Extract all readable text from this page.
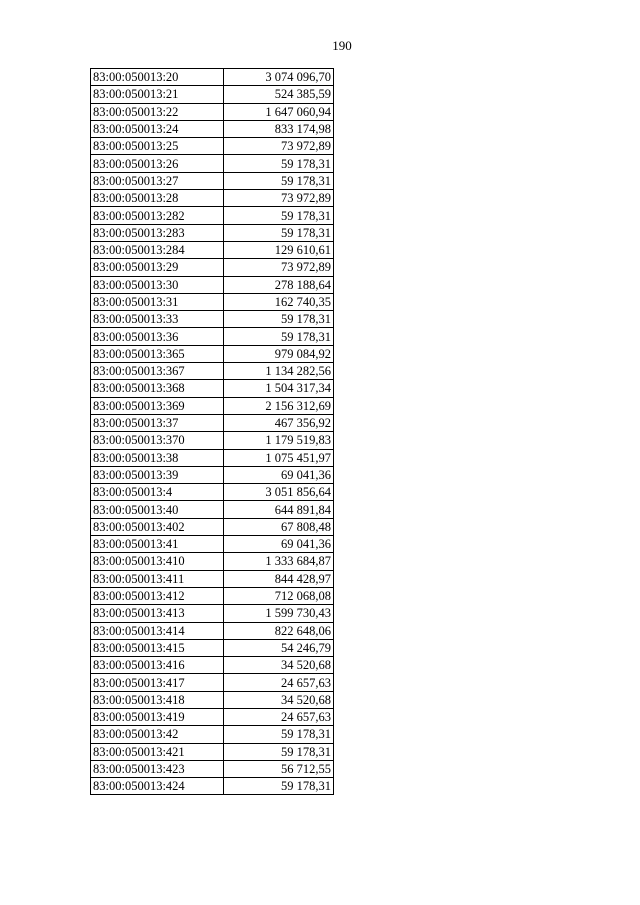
190
83:00:050013:20	3 074 096,70
83:00:050013:21	524 385,59
83:00:050013:22	1 647 060,94
83:00:050013:24	833 174,98
83:00:050013:25	73 972,89
83:00:050013:26	59 178,31
83:00:050013:27	59 178,31
83:00:050013:28	73 972,89
83:00:050013:282	59 178,31
83:00:050013:283	59 178,31
83:00:050013:284	129 610,61
83:00:050013:29	73 972,89
83:00:050013:30	278 188,64
83:00:050013:31	162 740,35
83:00:050013:33	59 178,31
83:00:050013:36	59 178,31
83:00:050013:365	979 084,92
83:00:050013:367	1 134 282,56
83:00:050013:368	1 504 317,34
83:00:050013:369	2 156 312,69
83:00:050013:37	467 356,92
83:00:050013:370	1 179 519,83
83:00:050013:38	1 075 451,97
83:00:050013:39	69 041,36
83:00:050013:4	3 051 856,64
83:00:050013:40	644 891,84
83:00:050013:402	67 808,48
83:00:050013:41	69 041,36
83:00:050013:410	1 333 684,87
83:00:050013:411	844 428,97
83:00:050013:412	712 068,08
83:00:050013:413	1 599 730,43
83:00:050013:414	822 648,06
83:00:050013:415	54 246,79
83:00:050013:416	34 520,68
83:00:050013:417	24 657,63
83:00:050013:418	34 520,68
83:00:050013:419	24 657,63
83:00:050013:42	59 178,31
83:00:050013:421	59 178,31
83:00:050013:423	56 712,55
83:00:050013:424	59 178,31
